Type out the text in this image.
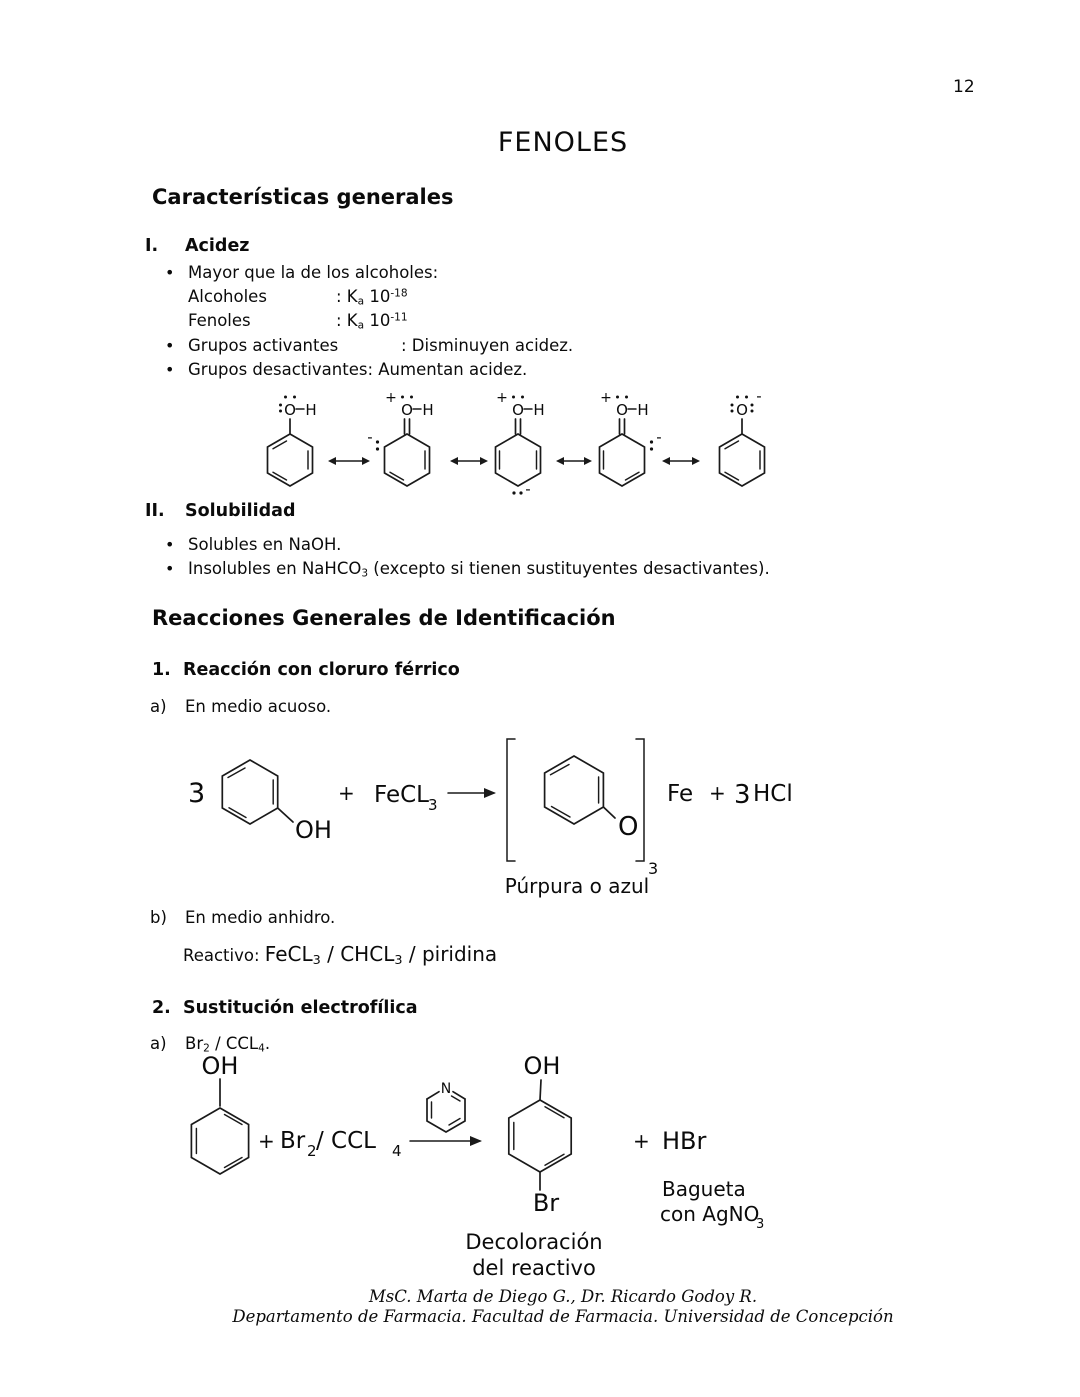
12
FENOLES
Características generales
I. Acidez
• Mayor que la de los alcoholes:
Alcoholes	: $K_a$ $10^{-18}$
Fenoles	: $K_a$ $10^{-11}$
• Grupos activantes	: Disminuyen acidez.
• Grupos desactivantes: Aumentan acidez.
O H	O
+
H
-
O
+
H
-
O
+
H
-
O
-
II. Solubilidad
• Solubles en NaOH.
• Insolubles en NaHCO$_3$ (excepto si tienen sustituyentes desactivantes).
Reacciones Generales de Identificación
1. Reacción con cloruro férrico
a) En medio acuoso.
3
OH
+ FeCL 3
O
3
Fe + 3 HCl
Púrpura o azul
b) En medio anhidro.
Reactivo: FeCL$_3$ / $CHCL_3$ / piridina
2. Sustitución electrofílica
a) $Br_2 / CCL_4$.
OH
+ Br 2 / CCL 4
N
OH
Br
+ HBr
Bagueta
con AgNO
3
Decoloración
del reactivo
MsC. Marta de Diego G., Dr. Ricardo Godoy R.
Departamento de Farmacia. Facultad de Farmacia. Universidad de Concepción
